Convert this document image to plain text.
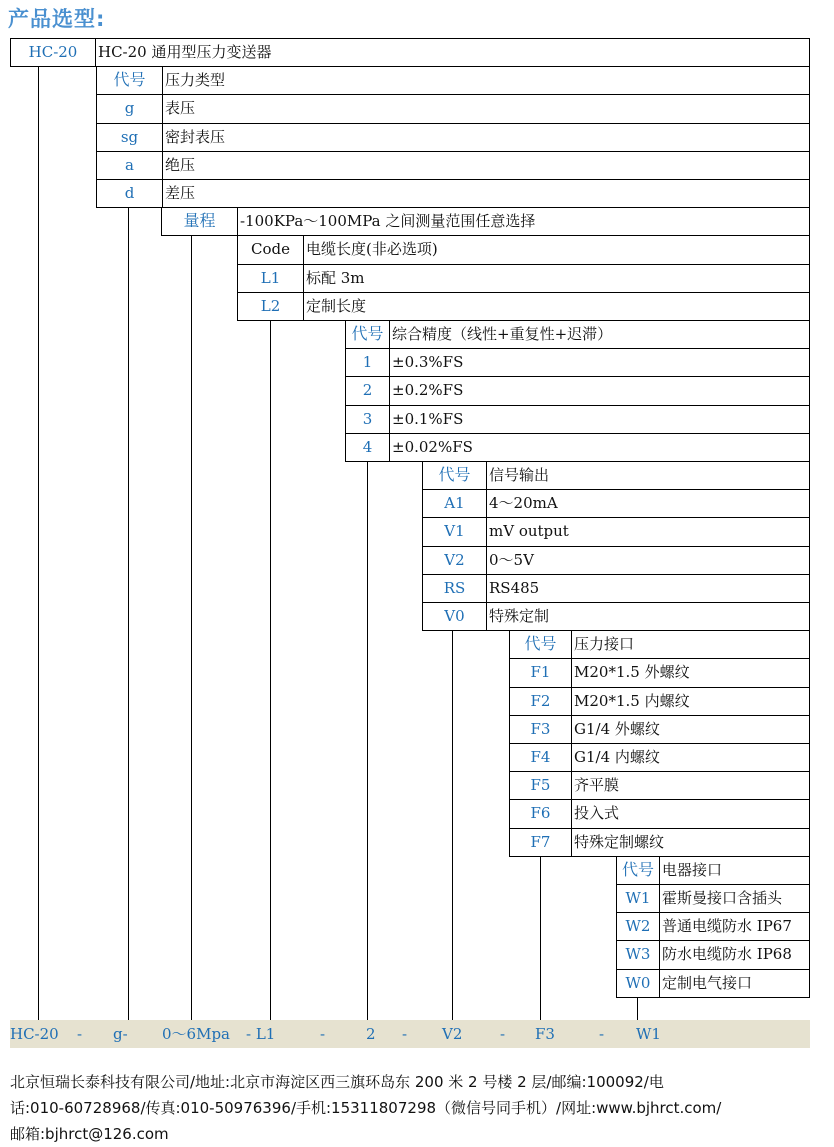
产品选型:
HC-20	HC-20 通用型压力变送器
代号	压力类型
g	表压
sg	密封表压
a	绝压
d	差压
量程	-100KPa～100MPa 之间测量范围任意选择
Code	电缆长度(非必选项)
L1	标配 3m
L2	定制长度
代号 综合精度（线性+重复性+迟滞）
1	±0.3%FS
2	±0.2%FS
3	±0.1%FS
4	±0.02%FS
代号	信号输出
A1	4～20mA
V1	mV output
V2	0～5V
RS	RS485
V0	特殊定制
代号	压力接口
F1	M20*1.5 外螺纹
F2	M20*1.5 内螺纹
F3	G1/4 外螺纹
F4	G1/4 内螺纹
F5	齐平膜
F6	投入式
F7	特殊定制螺纹
代号 电器接口
W1 霍斯曼接口含插头
W2 普通电缆防水 IP67
W3 防水电缆防水 IP68
W0 定制电气接口
HC-20 - g- 0～6Mpa - L1	-	2 - V2	- F3	- W1
北京恒瑞长泰科技有限公司/地址:北京市海淀区西三旗环岛东 200 米 2 号楼 2 层/邮编:100092/电
话:010-60728968/传真:010-50976396/手机:15311807298（微信号同手机）/网址:www.bjhrct.com/
邮箱:bjhrct@126.com
